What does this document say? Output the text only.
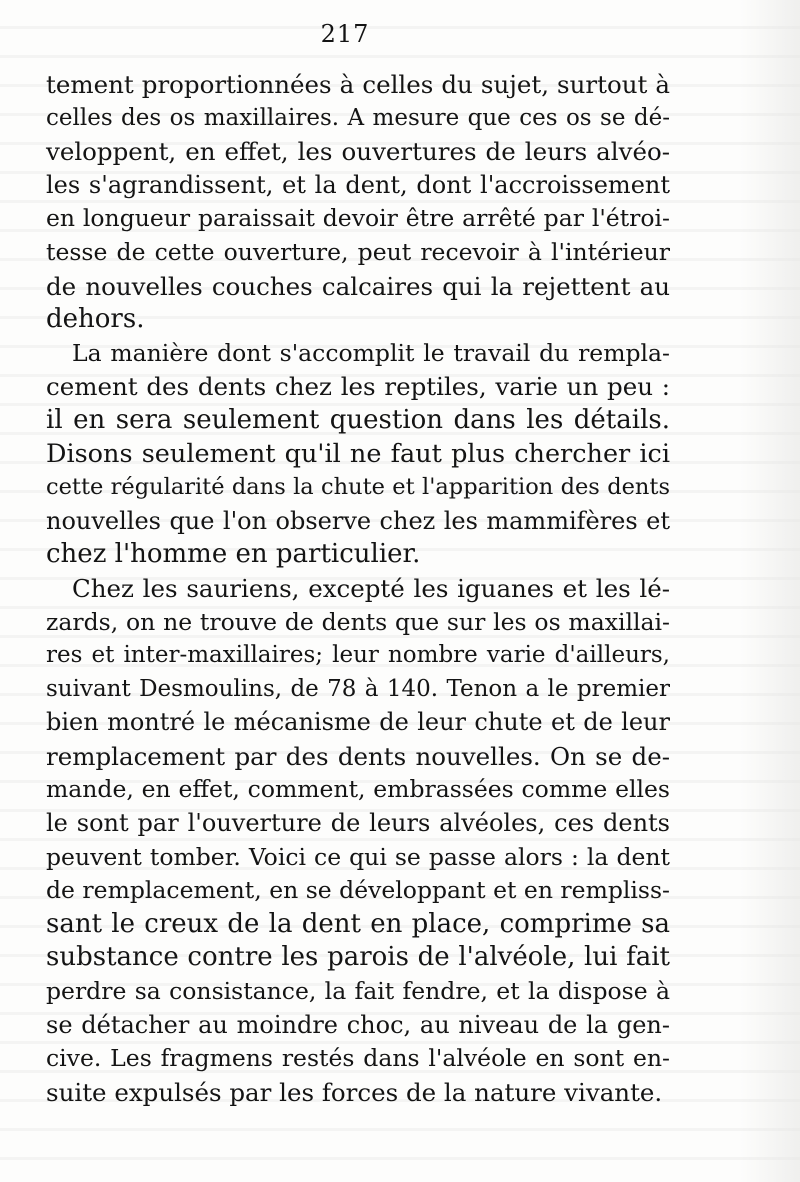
217
tement proportionnées à celles du sujet, surtout à
celles des os maxillaires. A mesure que ces os se dé-
veloppent, en effet, les ouvertures de leurs alvéo-
les s'agrandissent, et la dent, dont l'accroissement
en longueur paraissait devoir être arrêté par l'étroi-
tesse de cette ouverture, peut recevoir à l'intérieur
de nouvelles couches calcaires qui la rejettent au
dehors.
La manière dont s'accomplit le travail du rempla-
cement des dents chez les reptiles, varie un peu :
il en sera seulement question dans les détails.
Disons seulement qu'il ne faut plus chercher ici
cette régularité dans la chute et l'apparition des dents
nouvelles que l'on observe chez les mammifères et
chez l'homme en particulier.
Chez les sauriens, excepté les iguanes et les lé-
zards, on ne trouve de dents que sur les os maxillai-
res et inter-maxillaires; leur nombre varie d'ailleurs,
suivant Desmoulins, de 78 à 140. Tenon a le premier
bien montré le mécanisme de leur chute et de leur
remplacement par des dents nouvelles. On se de-
mande, en effet, comment, embrassées comme elles
le sont par l'ouverture de leurs alvéoles, ces dents
peuvent tomber. Voici ce qui se passe alors : la dent
de remplacement, en se développant et en rempliss-
sant le creux de la dent en place, comprime sa
substance contre les parois de l'alvéole, lui fait
perdre sa consistance, la fait fendre, et la dispose à
se détacher au moindre choc, au niveau de la gen-
cive. Les fragmens restés dans l'alvéole en sont en-
suite expulsés par les forces de la nature vivante.
